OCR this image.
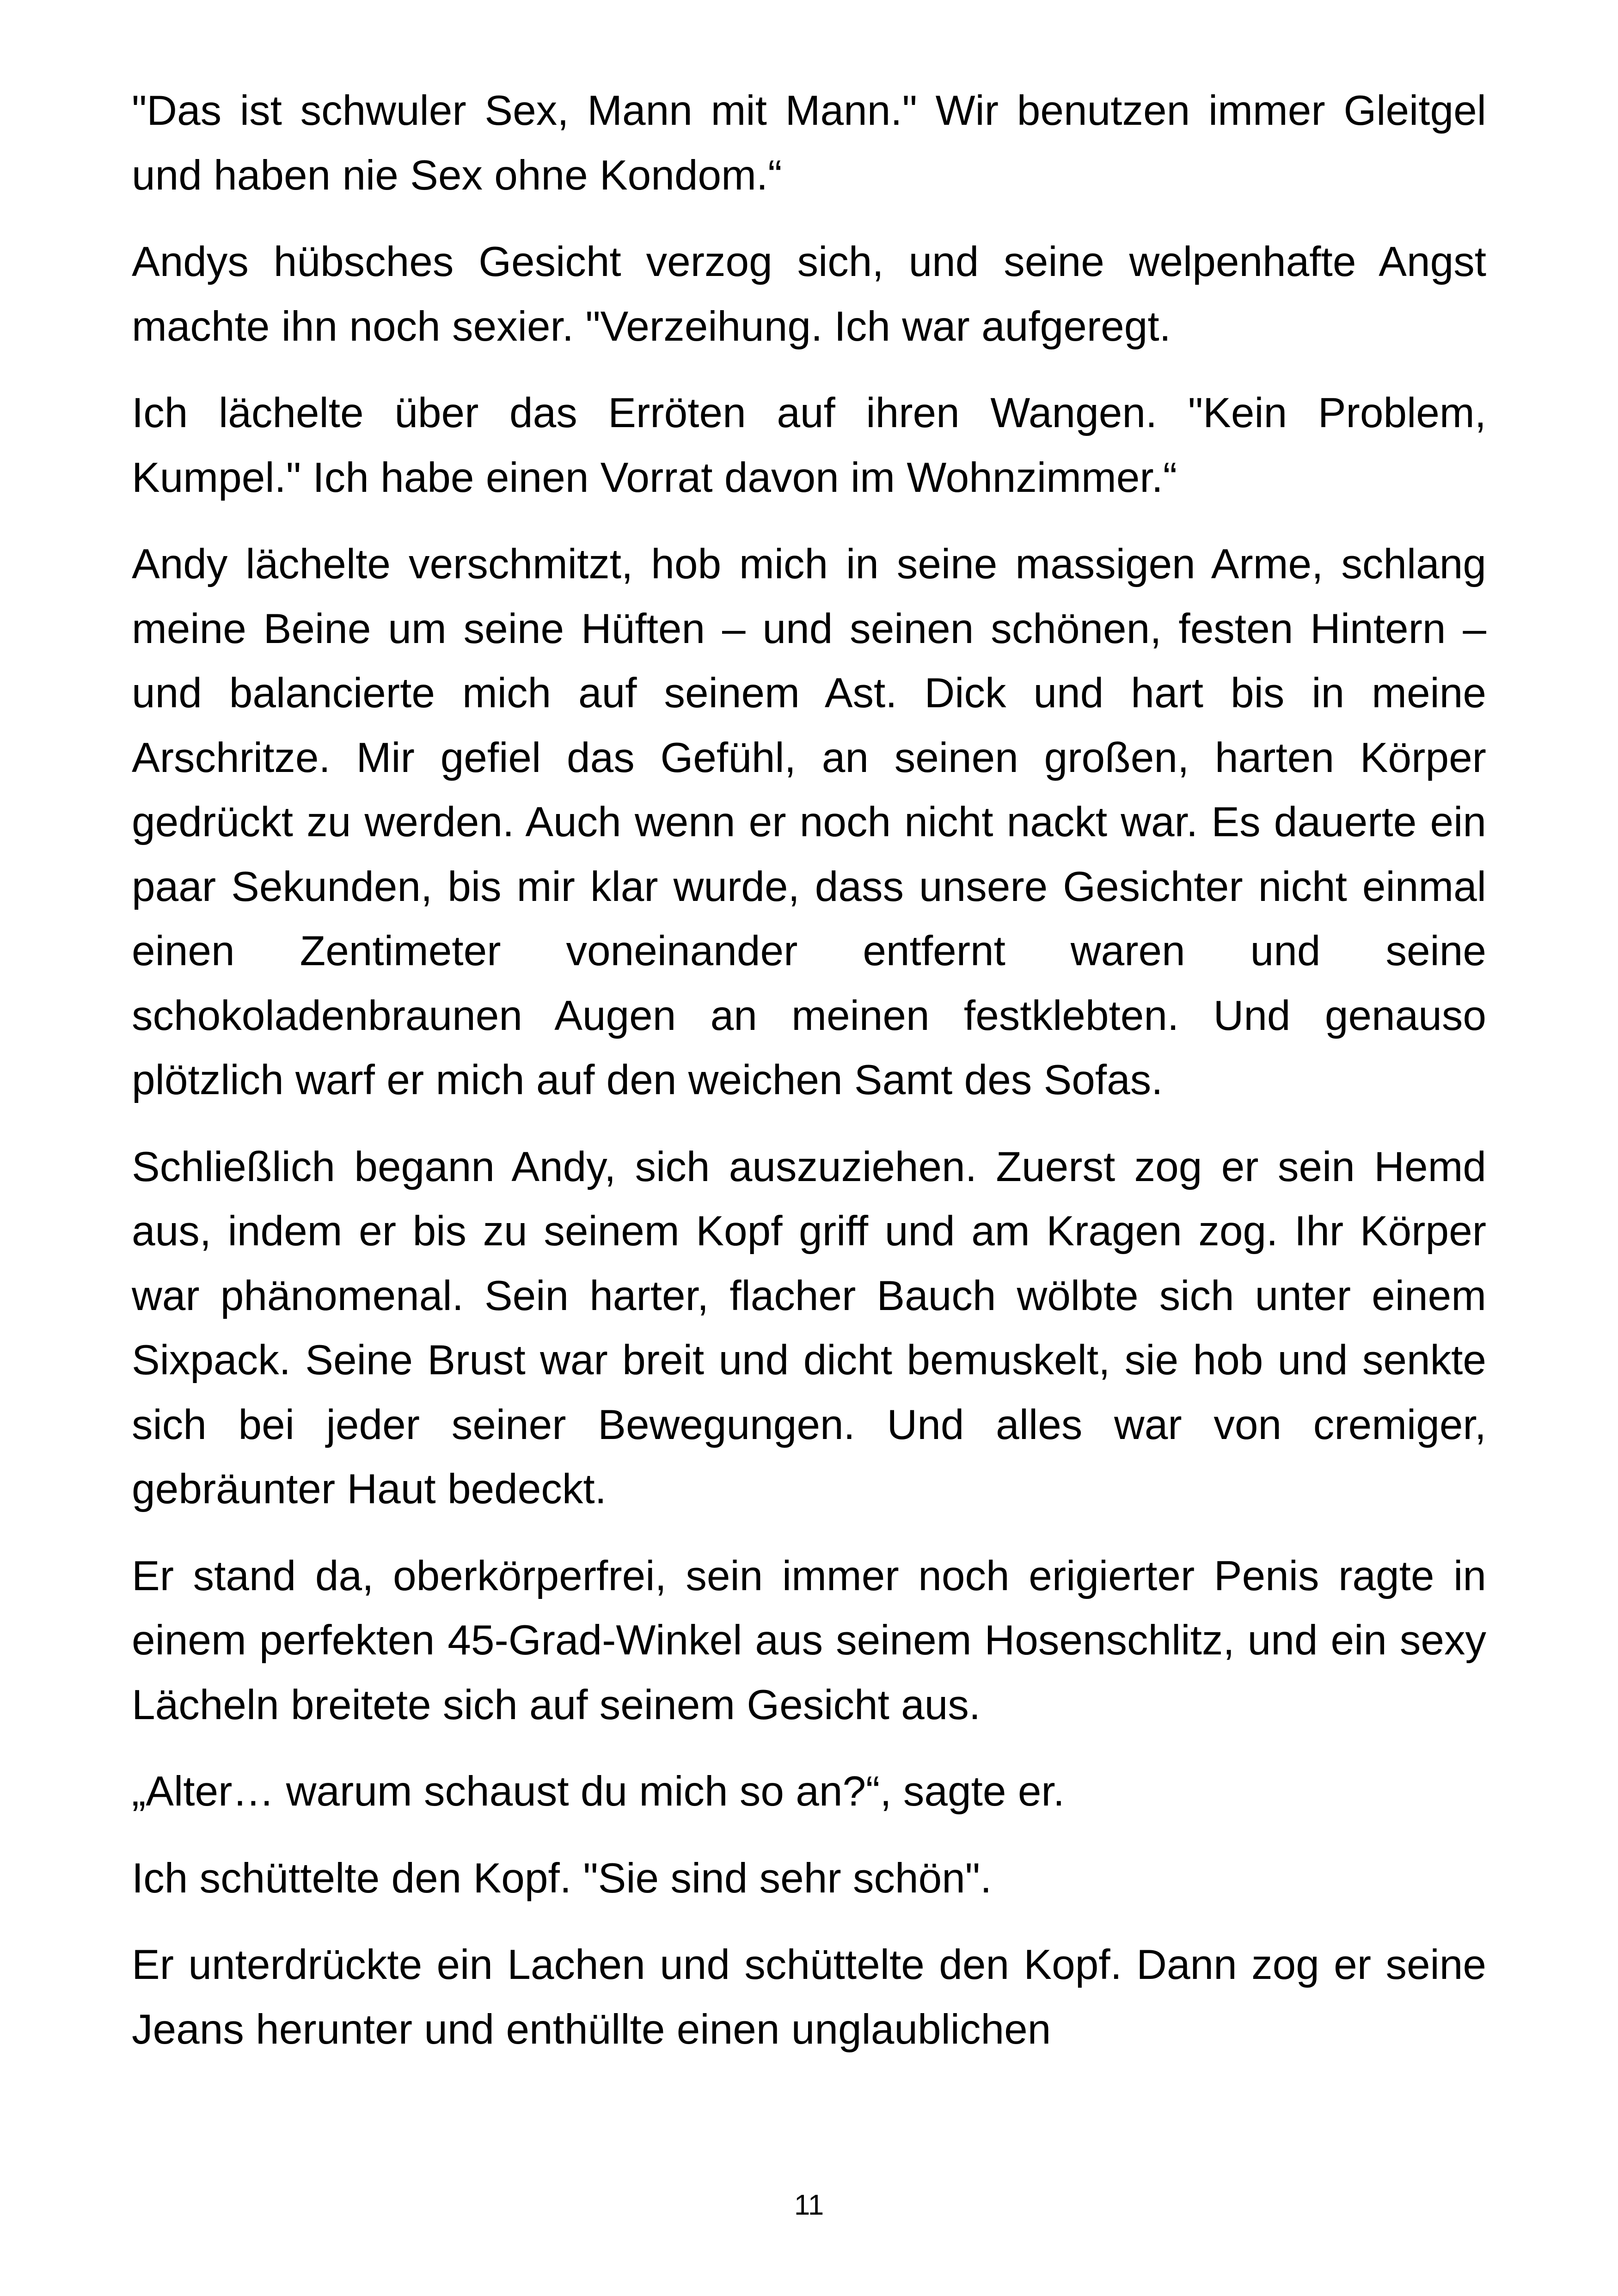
"Das ist schwuler Sex, Mann mit Mann." Wir benutzen immer Gleitgel und haben nie Sex ohne Kondom.“

Andys hübsches Gesicht verzog sich, und seine welpenhafte Angst machte ihn noch sexier. "Verzeihung. Ich war aufgeregt.

Ich lächelte über das Erröten auf ihren Wangen. "Kein Problem, Kumpel." Ich habe einen Vorrat davon im Wohnzimmer.“

Andy lächelte verschmitzt, hob mich in seine massigen Arme, schlang meine Beine um seine Hüften – und seinen schönen, festen Hintern – und balancierte mich auf seinem Ast. Dick und hart bis in meine Arschritze. Mir gefiel das Gefühl, an seinen großen, harten Körper gedrückt zu werden. Auch wenn er noch nicht nackt war. Es dauerte ein paar Sekunden, bis mir klar wurde, dass unsere Gesichter nicht einmal einen Zentimeter voneinander entfernt waren und seine schokoladenbraunen Augen an meinen festklebten. Und genauso plötzlich warf er mich auf den weichen Samt des Sofas.

Schließlich begann Andy, sich auszuziehen. Zuerst zog er sein Hemd aus, indem er bis zu seinem Kopf griff und am Kragen zog. Ihr Körper war phänomenal. Sein harter, flacher Bauch wölbte sich unter einem Sixpack. Seine Brust war breit und dicht bemuskelt, sie hob und senkte sich bei jeder seiner Bewegungen. Und alles war von cremiger, gebräunter Haut bedeckt.

Er stand da, oberkörperfrei, sein immer noch erigierter Penis ragte in einem perfekten 45-Grad-Winkel aus seinem Hosenschlitz, und ein sexy Lächeln breitete sich auf seinem Gesicht aus.

„Alter… warum schaust du mich so an?“, sagte er.

Ich schüttelte den Kopf. "Sie sind sehr schön".

Er unterdrückte ein Lachen und schüttelte den Kopf. Dann zog er seine Jeans herunter und enthüllte einen unglaublichen

11
